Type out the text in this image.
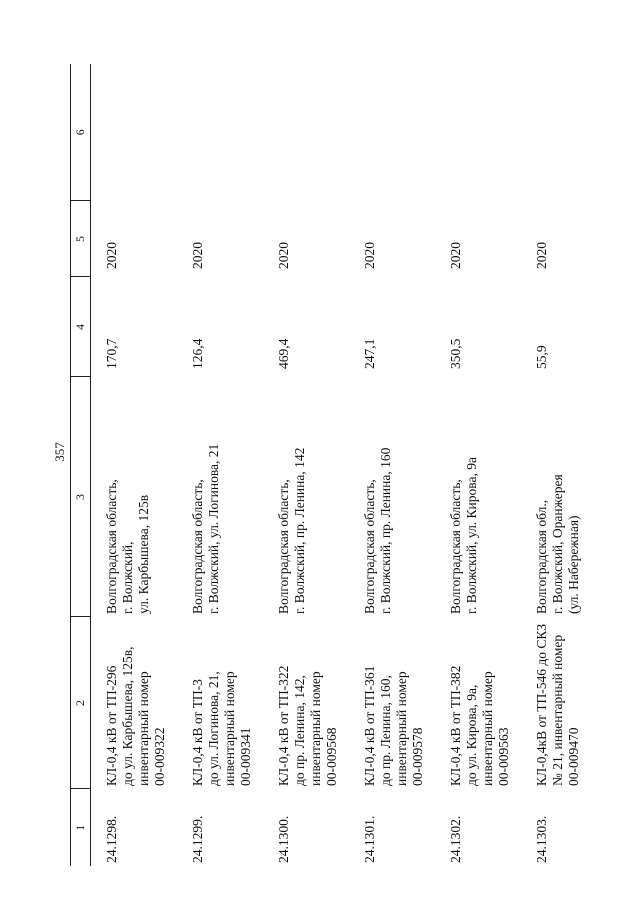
357
1	2	3	4	5	6
24.1298.	КЛ-0,4 кВ от ТП-296
до ул. Карбышева, 125в,
инвентарный номер
00-009322	Волгоградская область,
г. Волжский,
ул. Карбышева, 125в	170,7	2020	
24.1299.	КЛ-0,4 кВ от ТП-3
до ул. Логинова, 21,
инвентарный номер
00-009341	Волгоградская область,
г. Волжский, ул. Логинова, 21	126,4	2020	
24.1300.	КЛ-0,4 кВ от ТП-322
до пр. Ленина, 142,
инвентарный номер
00-009568	Волгоградская область,
г. Волжский, пр. Ленина, 142	469,4	2020	
24.1301.	КЛ-0,4 кВ от ТП-361
до пр. Ленина, 160,
инвентарный номер
00-009578	Волгоградская область,
г. Волжский, пр. Ленина, 160	247,1	2020	
24.1302.	КЛ-0,4 кВ от ТП-382
до ул. Кирова, 9а,
инвентарный номер
00-009563	Волгоградская область,
г. Волжский, ул. Кирова, 9а	350,5	2020	
24.1303.	КЛ-0,4кВ от ТП-546 до СКЗ
№ 21, инвентарный номер
00-009470	Волгоградская обл.,
г. Волжский, Оранжерея
(ул. Набережная)	55,9	2020	
